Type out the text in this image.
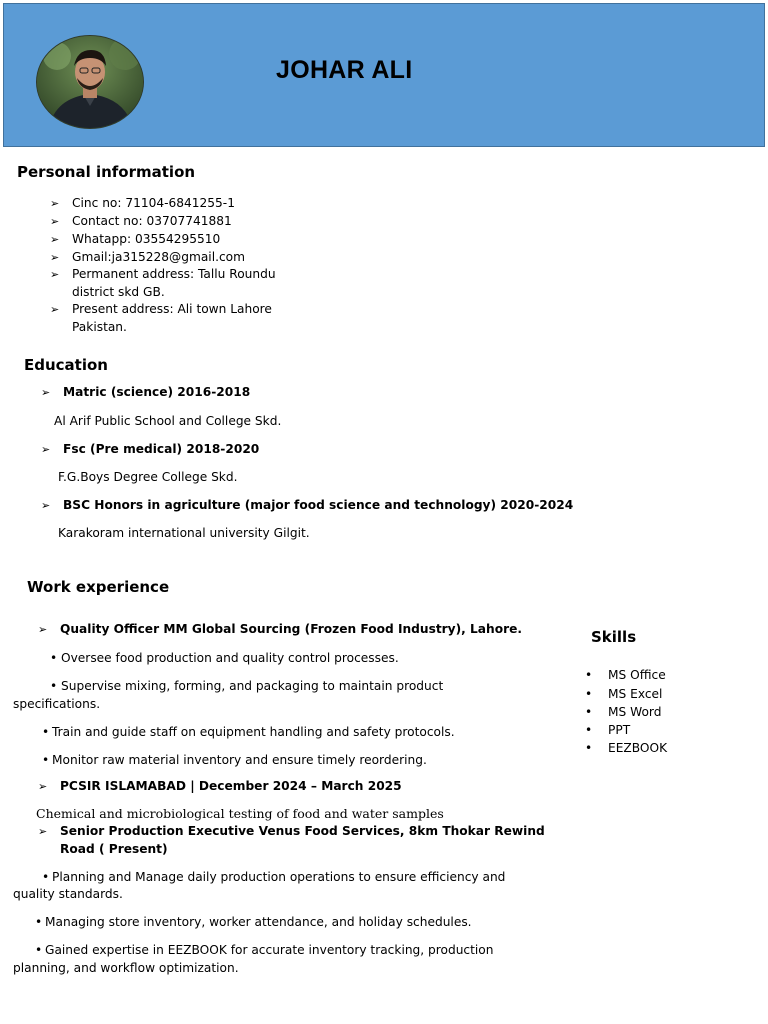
JOHAR ALI
Personal information
➢ Cinc no: 71104-6841255-1
➢ Contact no: 03707741881
➢ Whatapp: 03554295510
➢ Gmail:ja315228@gmail.com
➢ Permanent address: Tallu Roundu
district skd GB.
➢ Present address: Ali town Lahore
Pakistan.
Education
➢ Matric (science) 2016-2018
Al Arif Public School and College Skd.
➢ Fsc (Pre medical) 2018-2020
F.G.Boys Degree College Skd.
➢ BSC Honors in agriculture (major food science and technology) 2020-2024
Karakoram international university Gilgit.
Work experience
➢ Quality Officer MM Global Sourcing (Frozen Food Industry), Lahore.
• Oversee food production and quality control processes.
• Supervise mixing, forming, and packaging to maintain product
specifications.
• Train and guide staff on equipment handling and safety protocols.
• Monitor raw material inventory and ensure timely reordering.
➢ PCSIR ISLAMABAD | December 2024 – March 2025
Chemical and microbiological testing of food and water samples
➢ Senior Production Executive Venus Food Services, 8km Thokar Rewind
Road ( Present)
• Planning and Manage daily production operations to ensure efficiency and
quality standards.
• Managing store inventory, worker attendance, and holiday schedules.
• Gained expertise in EEZBOOK for accurate inventory tracking, production
planning, and workflow optimization.
Skills
• MS Office
• MS Excel
• MS Word
• PPT
• EEZBOOK
